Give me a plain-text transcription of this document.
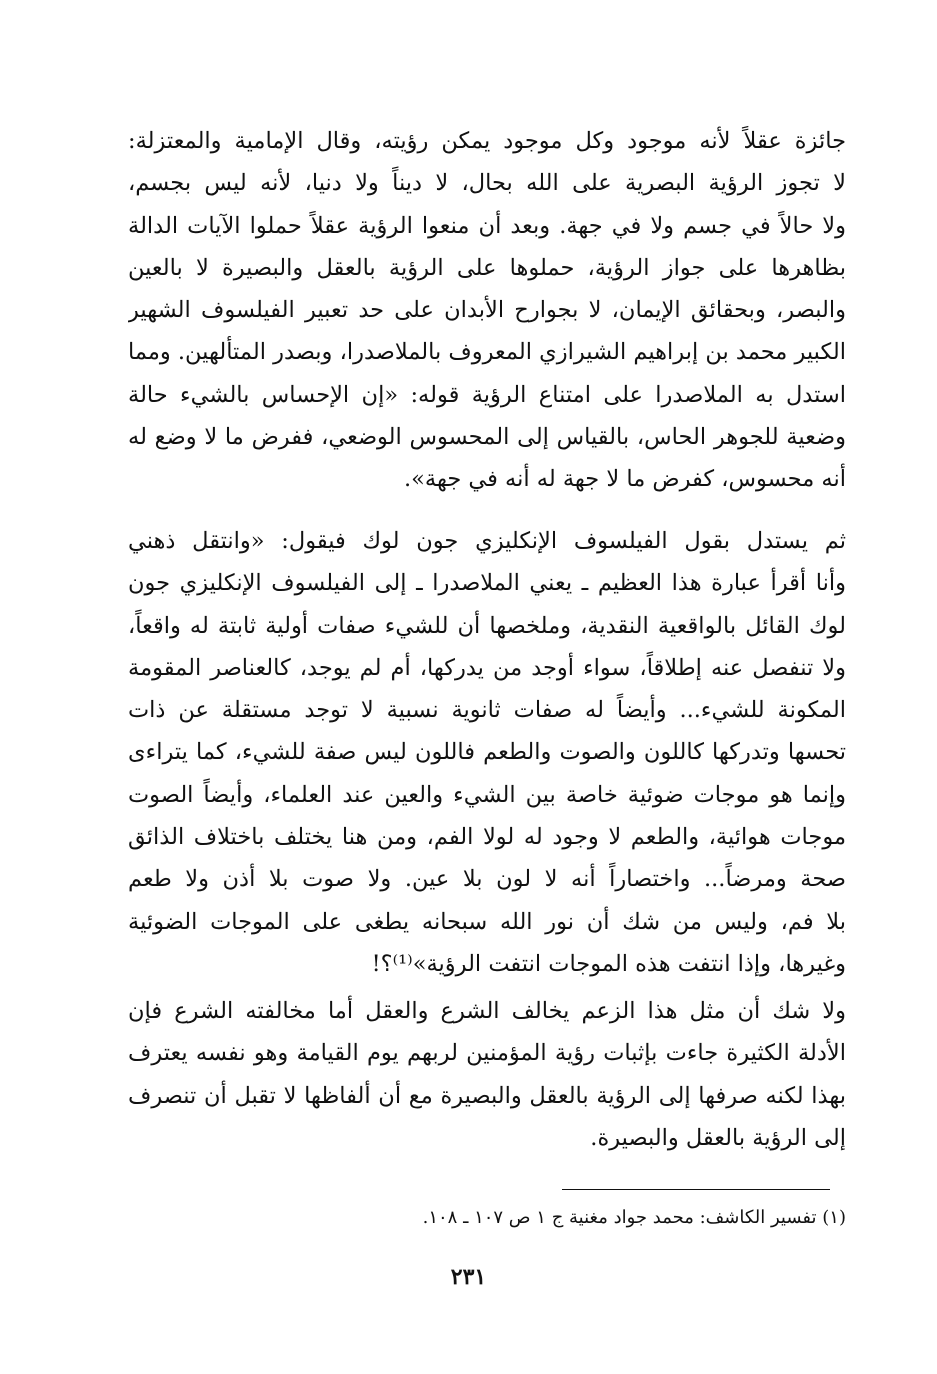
جائزة عقلاً لأنه موجود وكل موجود يمكن رؤيته، وقال الإمامية والمعتزلة:
لا تجوز الرؤية البصرية على الله بحال، لا ديناً ولا دنيا، لأنه ليس بجسم،
ولا حالاً في جسم ولا في جهة. وبعد أن منعوا الرؤية عقلاً حملوا الآيات الدالة
بظاهرها على جواز الرؤية، حملوها على الرؤية بالعقل والبصيرة لا بالعين
والبصر، وبحقائق الإيمان، لا بجوارح الأبدان على حد تعبير الفيلسوف الشهير
الكبير محمد بن إبراهيم الشيرازي المعروف بالملاصدرا، وبصدر المتألهين. ومما
استدل به الملاصدرا على امتناع الرؤية قوله: «إن الإحساس بالشيء حالة
وضعية للجوهر الحاس، بالقياس إلى المحسوس الوضعي، ففرض ما لا وضع له
أنه محسوس، كفرض ما لا جهة له أنه في جهة».
ثم يستدل بقول الفيلسوف الإنكليزي جون لوك فيقول: «وانتقل ذهني
وأنا أقرأ عبارة هذا العظيم ـ يعني الملاصدرا ـ إلى الفيلسوف الإنكليزي جون
لوك القائل بالواقعية النقدية، وملخصها أن للشيء صفات أولية ثابتة له واقعاً،
ولا تنفصل عنه إطلاقاً، سواء أوجد من يدركها، أم لم يوجد، كالعناصر المقومة
المكونة للشيء... وأيضاً له صفات ثانوية نسبية لا توجد مستقلة عن ذات
تحسها وتدركها كاللون والصوت والطعم فاللون ليس صفة للشيء، كما يتراءى
وإنما هو موجات ضوئية خاصة بين الشيء والعين عند العلماء، وأيضاً الصوت
موجات هوائية، والطعم لا وجود له لولا الفم، ومن هنا يختلف باختلاف الذائق
صحة ومرضاً... واختصاراً أنه لا لون بلا عين. ولا صوت بلا أذن ولا طعم
بلا فم، وليس من شك أن نور الله سبحانه يطغى على الموجات الضوئية
وغيرها، وإذا انتفت هذه الموجات انتفت الرؤية»⁽¹⁾؟!
ولا شك أن مثل هذا الزعم يخالف الشرع والعقل أما مخالفته الشرع فإن
الأدلة الكثيرة جاءت بإثبات رؤية المؤمنين لربهم يوم القيامة وهو نفسه يعترف
بهذا لكنه صرفها إلى الرؤية بالعقل والبصيرة مع أن ألفاظها لا تقبل أن تنصرف
إلى الرؤية بالعقل والبصيرة.
(١) تفسير الكاشف: محمد جواد مغنية ج ١ ص ١٠٧ ـ ١٠٨.
٢٣١
